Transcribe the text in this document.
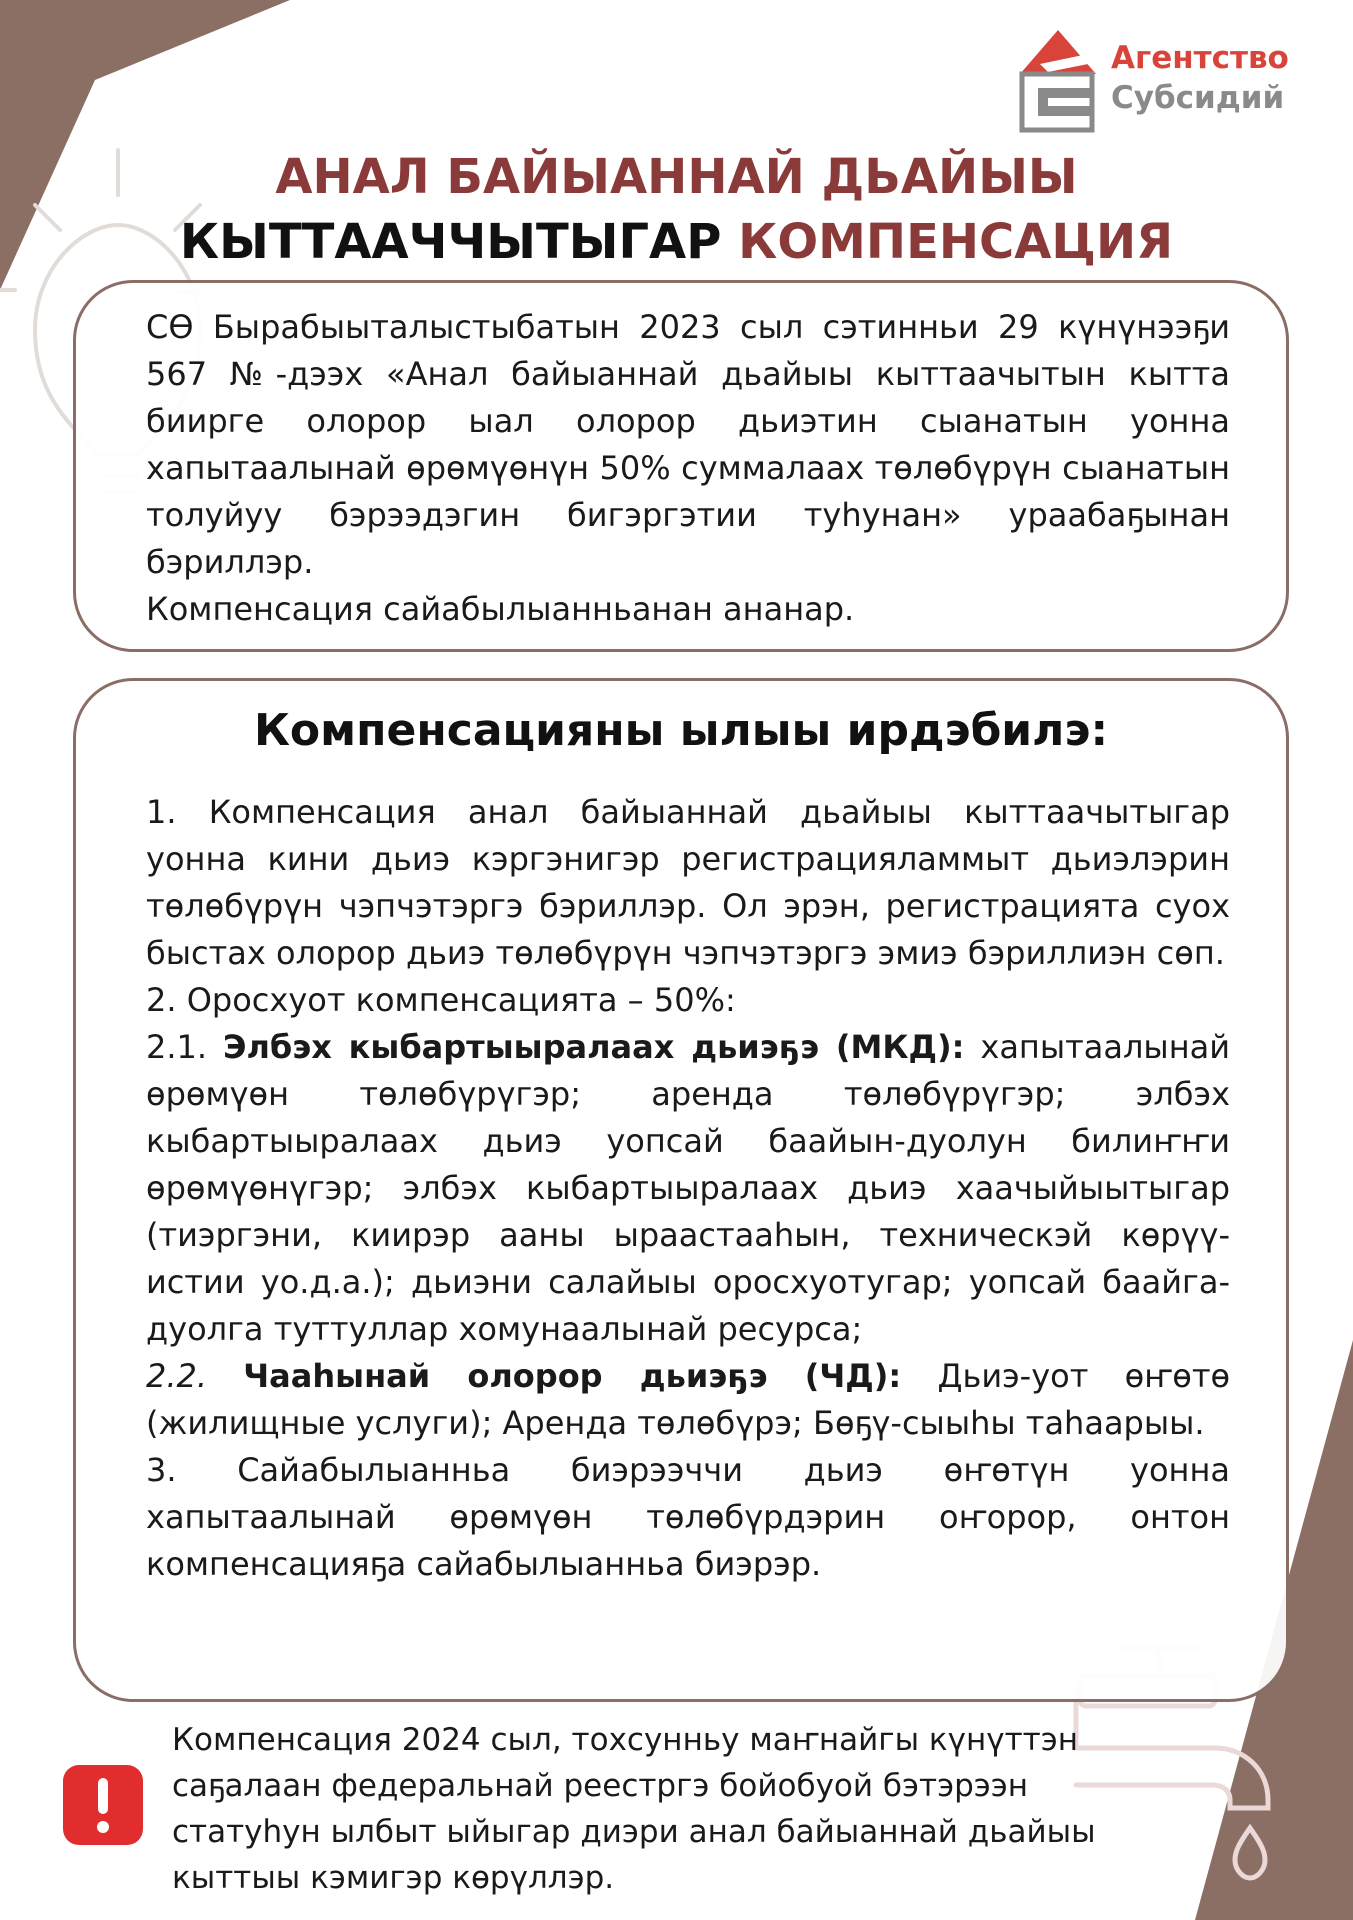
Агентство
Субсидий
АНАЛ БАЙЫАННАЙ ДЬАЙЫЫ
КЫТТААЧЧЫТЫГАР КОМПЕНСАЦИЯ

СӨ Бырабыыталыстыбатын 2023 сыл сэтинньи 29 күнүнээҕи 567 №-дээх «Анал байыаннай дьайыы кыттаачытын кытта биирге олорор ыал олорор дьиэтин сыанатын уонна хапытаалынай өрөмүөнүн 50% суммалаах төлөбүрүн сыанатын толуйуу бэрээдэгин бигэргэтии туһунан» ураабаҕынан бэриллэр.

Компенсация сайабылыанньанан ананар.

Компенсацияны ылыы ирдэбилэ:

1. Компенсация анал байыаннай дьайыы кыттаачытыгар уонна кини дьиэ кэргэнигэр регистрацияламмыт дьиэлэрин төлөбүрүн чэпчэтэргэ бэриллэр. Ол эрэн, регистрацията суох быстах олорор дьиэ төлөбүрүн чэпчэтэргэ эмиэ бэриллиэн сөп.

2. Оросхуот компенсацията – 50%:

2.1. Элбэх кыбартыыралаах дьиэҕэ (МКД): хапытаалынай өрөмүөн төлөбүрүгэр; аренда төлөбүрүгэр; элбэх кыбартыыралаах дьиэ уопсай баайын-дуолун билиҥҥи өрөмүөнүгэр; элбэх кыбартыыралаах дьиэ хаачыйыытыгар (тиэргэни, киирэр ааны ыраастааһын, техническэй көрүү-истии уо.д.а.); дьиэни салайыы оросхуотугар; уопсай баайга-дуолга туттуллар хомунаалынай ресурса;

2.2. Чааһынай олорор дьиэҕэ (ЧД): Дьиэ-уот өҥөтө (жилищные услуги); Аренда төлөбүрэ; Бөҕү-сыыһы таһаарыы.

3. Сайабылыанньа биэрээччи дьиэ өҥөтүн уонна хапытаалынай өрөмүөн төлөбүрдэрин оҥорор, онтон компенсацияҕа сайабылыанньа биэрэр.

Компенсация 2024 сыл, тохсунньу маҥнайгы күнүттэн саҕалаан федеральнай реестргэ бойобуой бэтэрээн статуһун ылбыт ыйыгар диэри анал байыаннай дьайыы кыттыы кэмигэр көрүллэр.
